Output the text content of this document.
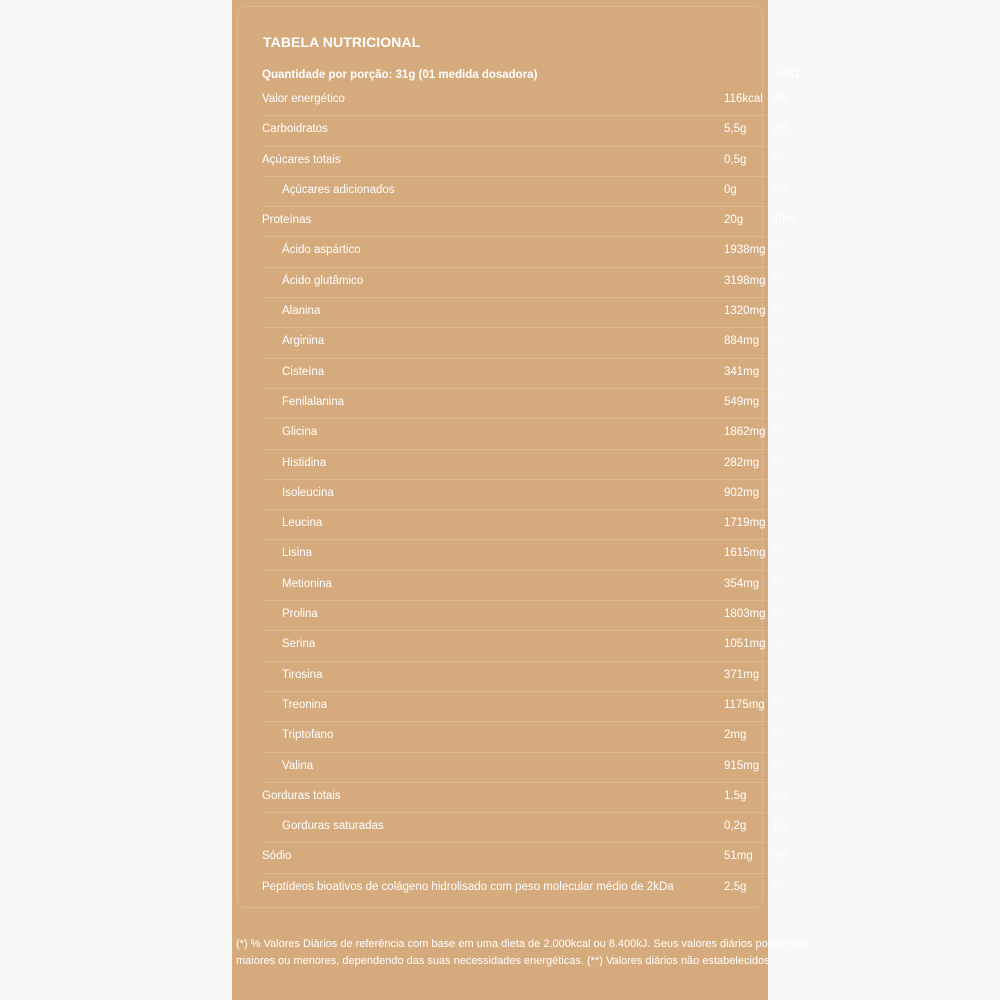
TABELA NUTRICIONAL
Quantidade por porção: 31g (01 medida dosadora)	%VD*
Valor energético	116kcal 6%
Carboidratos	5,5g 2%
Açúcares totais	0,5g **
Açúcares adicionados	0g	0%
Proteínas	20g	40%
Ácido aspártico	1938mg **
Ácido glutâmico	3198mg **
Alanina	1320mg **
Arginina	884mg **
Cisteína	341mg **
Fenilalanina	549mg **
Glicina	1862mg **
Histidina	282mg **
Isoleucina	902mg **
Leucina	1719mg **
Lisina	1615mg **
Metionina	354mg **
Prolina	1803mg **
Serina	1051mg **
Tirosina	371mg **
Treonina	1175mg **
Triptofano	2mg **
Valina	915mg **
Gorduras totais	1,5g 2%
Gorduras saturadas	0,2g 1%
Sódio	51mg 3%
Peptídeos bioativos de colágeno hidrolisado com peso molecular médio de 2kDa	2,5g **
(*) % Valores Diários de referência com base em uma dieta de 2.000kcal ou 8.400kJ. Seus valores diários podem ser maiores ou menores, dependendo das suas necessidades energéticas. (**) Valores diários não estabelecidos.
